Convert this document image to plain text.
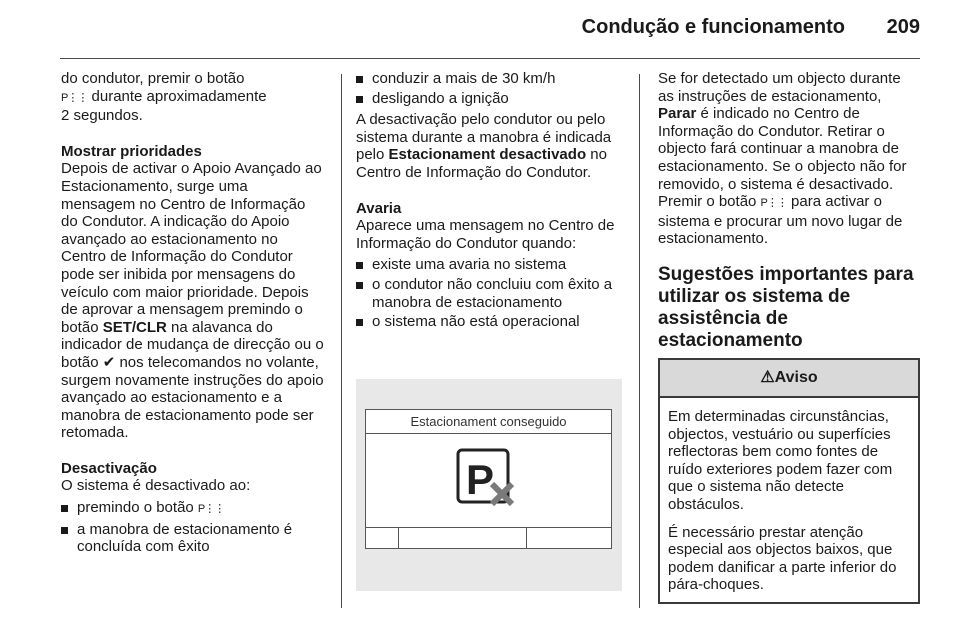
Condução e funcionamento	209

do condutor, premir o botão
P⋮⋮ durante aproximadamente
2 segundos.

Mostrar prioridades

Depois de activar o Apoio Avançado ao Estacionamento, surge uma mensagem no Centro de Informação do Condutor. A indicação do Apoio avançado ao estacionamento no Centro de Informação do Condutor pode ser inibida por mensagens do veículo com maior prioridade. Depois de aprovar a mensagem premindo o botão SET/CLR na alavanca do indicador de mudança de direcção ou o botão ✔ nos telecomandos no volante, surgem novamente instruções do apoio avançado ao estacionamento e a manobra de estacionamento pode ser retomada.

Desactivação

O sistema é desactivado ao:

premindo o botão P⋮⋮
a manobra de estacionamento é concluída com êxito
conduzir a mais de 30 km/h
desligando a ignição

A desactivação pelo condutor ou pelo sistema durante a manobra é indicada pelo Estacionament desactivado no Centro de Informação do Condutor.

Avaria

Aparece uma mensagem no Centro de Informação do Condutor quando:

existe uma avaria no sistema
o condutor não concluiu com êxito a manobra de estacionamento
o sistema não está operacional
Estacionament conseguido
P

Se for detectado um objecto durante as instruções de estacionamento, Parar é indicado no Centro de Informação do Condutor. Retirar o objecto fará continuar a manobra de estacionamento. Se o objecto não for removido, o sistema é desactivado. Premir o botão P⋮⋮ para activar o sistema e procurar um novo lugar de estacionamento.

Sugestões importantes para utilizar os sistema de assistência de estacionamento
⚠ Aviso

Em determinadas circunstâncias, objectos, vestuário ou superfícies reflectoras bem como fontes de ruído exteriores podem fazer com que o sistema não detecte obstáculos.

É necessário prestar atenção especial aos objectos baixos, que podem danificar a parte inferior do pára-choques.
